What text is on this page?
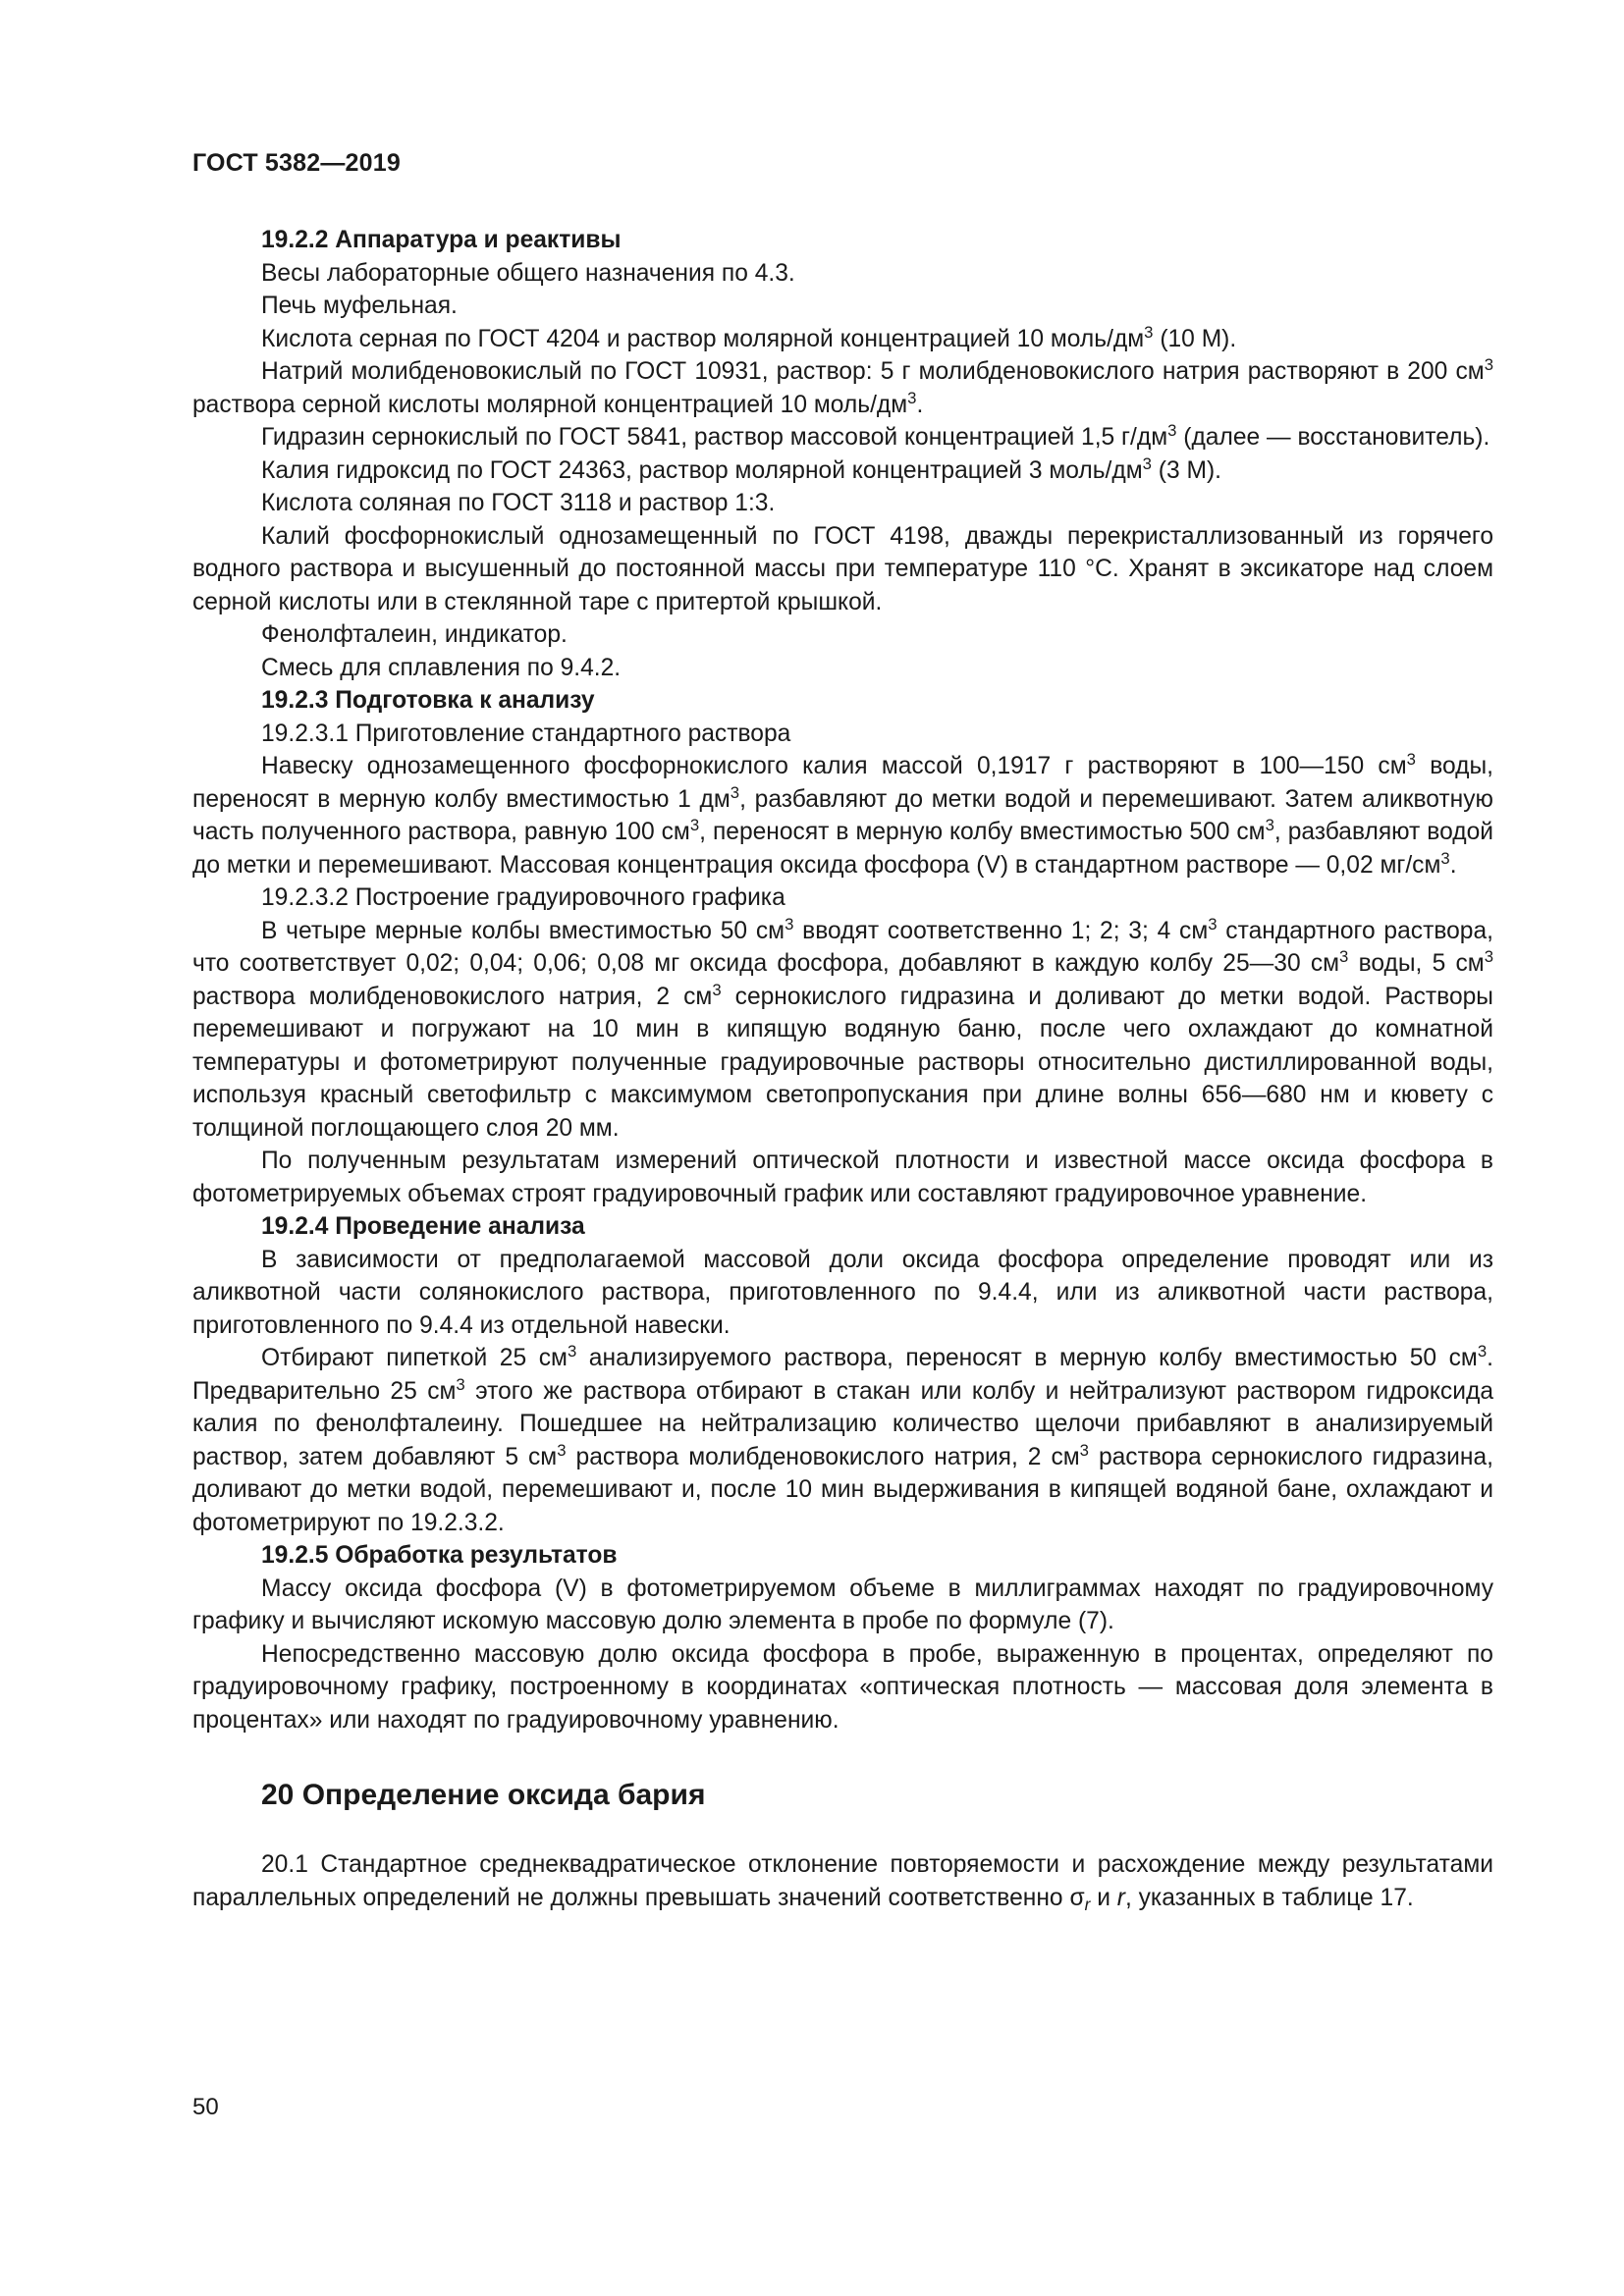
ГОСТ 5382—2019

19.2.2 Аппаратура и реактивы

Весы лабораторные общего назначения по 4.3.

Печь муфельная.

Кислота серная по ГОСТ 4204 и раствор молярной концентрацией 10 моль/$дм^3$ (10 М).

Натрий молибденовокислый по ГОСТ 10931, раствор: 5 г молибденовокислого натрия растворяют в 200 $см^3$ раствора серной кислоты молярной концентрацией 10 моль/$дм^3$.

Гидразин сернокислый по ГОСТ 5841, раствор массовой концентрацией 1,5 $г/дм^3$ (далее — восстановитель).

Калия гидроксид по ГОСТ 24363, раствор молярной концентрацией 3 моль/$дм^3$ (3 М).

Кислота соляная по ГОСТ 3118 и раствор 1:3.

Калий фосфорнокислый однозамещенный по ГОСТ 4198, дважды перекристаллизованный из горячего водного раствора и высушенный до постоянной массы при температуре 110 °С. Хранят в эксикаторе над слоем серной кислоты или в стеклянной таре с притертой крышкой.

Фенолфталеин, индикатор.

Смесь для сплавления по 9.4.2.

19.2.3 Подготовка к анализу

19.2.3.1 Приготовление стандартного раствора

Навеску однозамещенного фосфорнокислого калия массой 0,1917 г растворяют в 100—150 $см^3$ воды, переносят в мерную колбу вместимостью 1 $дм^3$, разбавляют до метки водой и перемешивают. Затем аликвотную часть полученного раствора, равную 100 $см^3$, переносят в мерную колбу вместимостью 500 $см^3$, разбавляют водой до метки и перемешивают. Массовая концентрация оксида фосфора (V) в стандартном растворе — 0,02 $мг/см^3$.

19.2.3.2 Построение градуировочного графика

В четыре мерные колбы вместимостью 50 $см^3$ вводят соответственно 1; 2; 3; 4 $см^3$ стандартного раствора, что соответствует 0,02; 0,04; 0,06; 0,08 мг оксида фосфора, добавляют в каждую колбу 25—30 $см^3$ воды, 5 $см^3$ раствора молибденовокислого натрия, 2 $см^3$ сернокислого гидразина и доливают до метки водой. Растворы перемешивают и погружают на 10 мин в кипящую водяную баню, после чего охлаждают до комнатной температуры и фотометрируют полученные градуировочные растворы относительно дистиллированной воды, используя красный светофильтр с максимумом светопропускания при длине волны 656—680 нм и кювету с толщиной поглощающего слоя 20 мм.

По полученным результатам измерений оптической плотности и известной массе оксида фосфора в фотометрируемых объемах строят градуировочный график или составляют градуировочное уравнение.

19.2.4 Проведение анализа

В зависимости от предполагаемой массовой доли оксида фосфора определение проводят или из аликвотной части солянокислого раствора, приготовленного по 9.4.4, или из аликвотной части раствора, приготовленного по 9.4.4 из отдельной навески.

Отбирают пипеткой 25 $см^3$ анализируемого раствора, переносят в мерную колбу вместимостью 50 $см^3$. Предварительно 25 $см^3$ этого же раствора отбирают в стакан или колбу и нейтрализуют раствором гидроксида калия по фенолфталеину. Пошедшее на нейтрализацию количество щелочи прибавляют в анализируемый раствор, затем добавляют 5 $см^3$ раствора молибденовокислого натрия, 2 $см^3$ раствора сернокислого гидразина, доливают до метки водой, перемешивают и, после 10 мин выдерживания в кипящей водяной бане, охлаждают и фотометрируют по 19.2.3.2.

19.2.5 Обработка результатов

Массу оксида фосфора (V) в фотометрируемом объеме в миллиграммах находят по градуировочному графику и вычисляют искомую массовую долю элемента в пробе по формуле (7).

Непосредственно массовую долю оксида фосфора в пробе, выраженную в процентах, определяют по градуировочному графику, построенному в координатах «оптическая плотность — массовая доля элемента в процентах» или находят по градуировочному уравнению.

20 Определение оксида бария

20.1 Стандартное среднеквадратическое отклонение повторяемости и расхождение между результатами параллельных определений не должны превышать значений соответственно $\sigma_r$ и r, указанных в таблице 17.

50
